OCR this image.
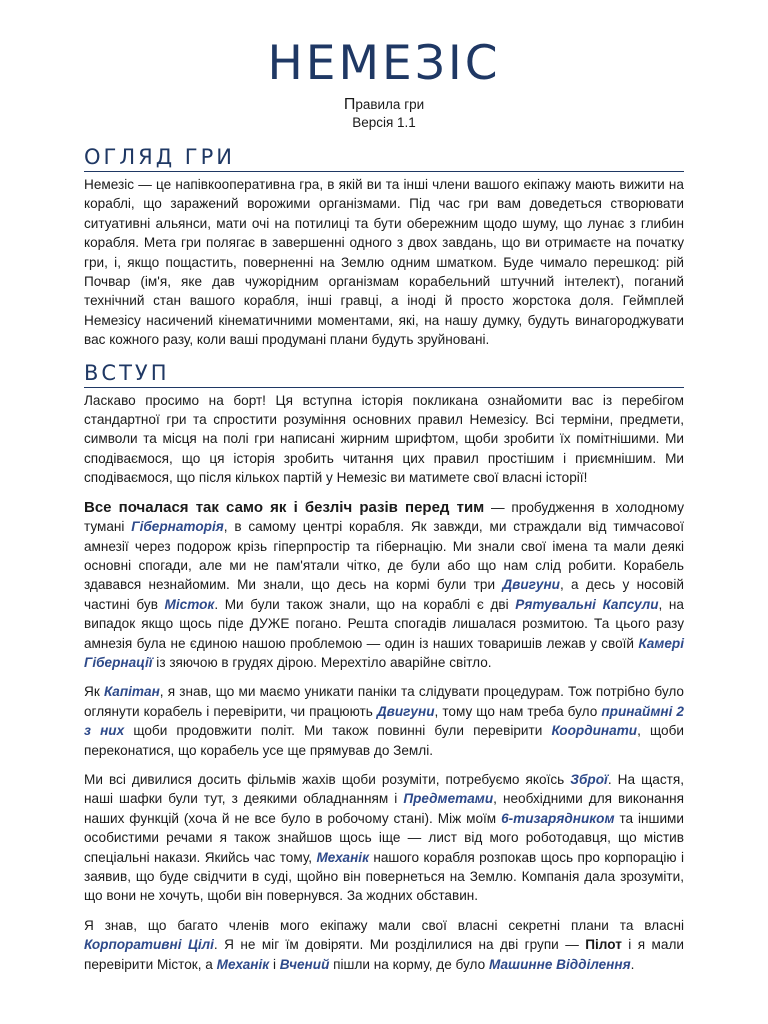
НЕМЕЗІС
Правила гри
Версія 1.1
ОГЛЯД ГРИ

Немезіс — це напівкооперативна гра, в якій ви та інші члени вашого екіпажу мають вижити на кораблі, що заражений ворожими організмами. Під час гри вам доведеться створювати ситуативні альянси, мати очі на потилиці та бути обережним щодо шуму, що лунає з глибин корабля. Мета гри полягає в завершенні одного з двох завдань, що ви отримаєте на початку гри, і, якщо пощастить, поверненні на Землю одним шматком. Буде чимало перешкод: рій Почвар (ім'я, яке дав чужорідним організмам корабельний штучний інтелект), поганий технічний стан вашого корабля, інші гравці, а іноді й просто жорстока доля. Геймплей Немезісу насичений кінематичними моментами, які, на нашу думку, будуть винагороджувати вас кожного разу, коли ваші продумані плани будуть зруйновані.

ВСТУП

Ласкаво просимо на борт! Ця вступна історія покликана ознайомити вас із перебігом стандартної гри та спростити розуміння основних правил Немезісу. Всі терміни, предмети, символи та місця на полі гри написані жирним шрифтом, щоби зробити їх помітнішими. Ми сподіваємося, що ця історія зробить читання цих правил простішим і приємнішим. Ми сподіваємося, що після кількох партій у Немезіс ви матимете свої власні історії!

Все почалася так само як і безліч разів перед тим — пробудження в холодному тумані Гібернаторія, в самому центрі корабля. Як завжди, ми страждали від тимчасової амнезії через подорож крізь гіперпростір та гібернацію. Ми знали свої імена та мали деякі основні спогади, але ми не пам'ятали чітко, де були або що нам слід робити. Корабель здавався незнайомим. Ми знали, що десь на кормі були три Двигуни, а десь у носовій частині був Місток. Ми були також знали, що на кораблі є дві Рятувальні Капсули, на випадок якщо щось піде ДУЖЕ погано. Решта спогадів лишалася розмитою. Та цього разу амнезія була не єдиною нашою проблемою — один із наших товаришів лежав у своїй Камері Гібернації із зяючою в грудях дірою. Мерехтіло аварійне світло.

Як Капітан, я знав, що ми маємо уникати паніки та слідувати процедурам. Тож потрібно було оглянути корабель і перевірити, чи працюють Двигуни, тому що нам треба було принаймні 2 з них щоби продовжити політ. Ми також повинні були перевірити Координати, щоби переконатися, що корабель усе ще прямував до Землі.

Ми всі дивилися досить фільмів жахів щоби розуміти, потребуємо якоїсь Зброї. На щастя, наші шафки були тут, з деякими обладнанням і Предметами, необхідними для виконання наших функцій (хоча й не все було в робочому стані). Між моїм 6-тизарядником та іншими особистими речами я також знайшов щось іще — лист від мого роботодавця, що містив спеціальні накази. Якийсь час тому, Механік нашого корабля розпокав щось про корпорацію і заявив, що буде свідчити в суді, щойно він повернеться на Землю. Компанія дала зрозуміти, що вони не хочуть, щоби він повернувся. За жодних обставин.

Я знав, що багато членів мого екіпажу мали свої власні секретні плани та власні Корпоративні Цілі. Я не міг їм довіряти. Ми розділилися на дві групи — Пілот і я мали перевірити Місток, а Механік і Вчений пішли на корму, де було Машинне Відділення.
